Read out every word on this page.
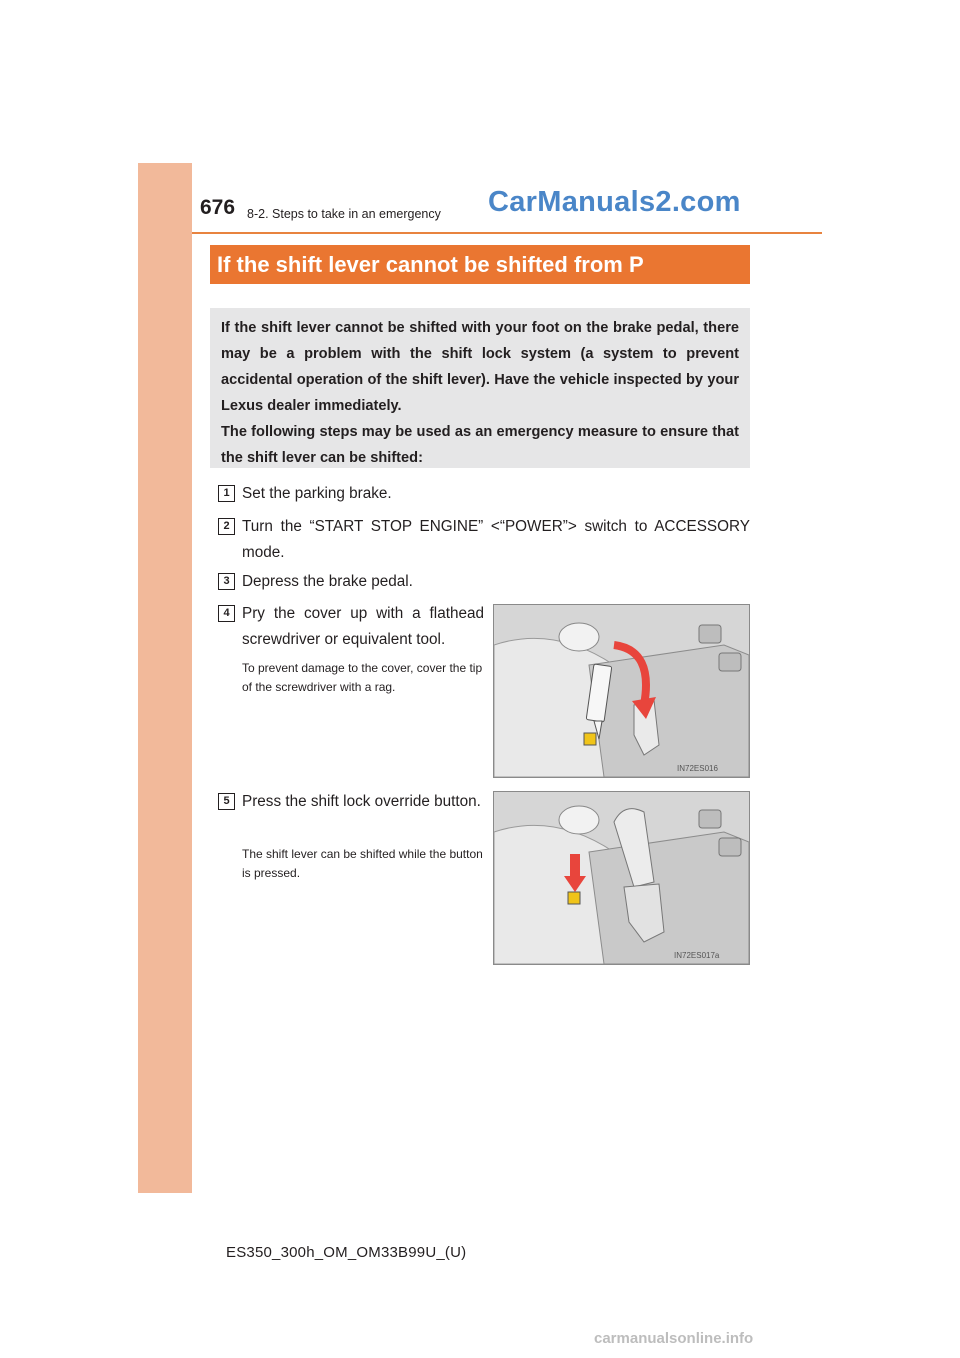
676 8-2. Steps to take in an emergency CarManuals2.com
If the shift lever cannot be shifted from P

If the shift lever cannot be shifted with your foot on the brake pedal, there may be a problem with the shift lock system (a system to prevent accidental operation of the shift lever). Have the vehicle inspected by your Lexus dealer immediately.

The following steps may be used as an emergency measure to ensure that the shift lever can be shifted:

1 Set the parking brake.
2 Turn the “START STOP ENGINE” <“POWER”> switch to ACCESSORY mode.
3 Depress the brake pedal.
4 Pry the cover up with a flathead screwdriver or equivalent tool.
To prevent damage to the cover, cover the tip of the screwdriver with a rag.
IN72ES016
5 Press the shift lock override button.
The shift lever can be shifted while the button is pressed.
IN72ES017a
ES350_300h_OM_OM33B99U_(U)
carmanualsonline.info
